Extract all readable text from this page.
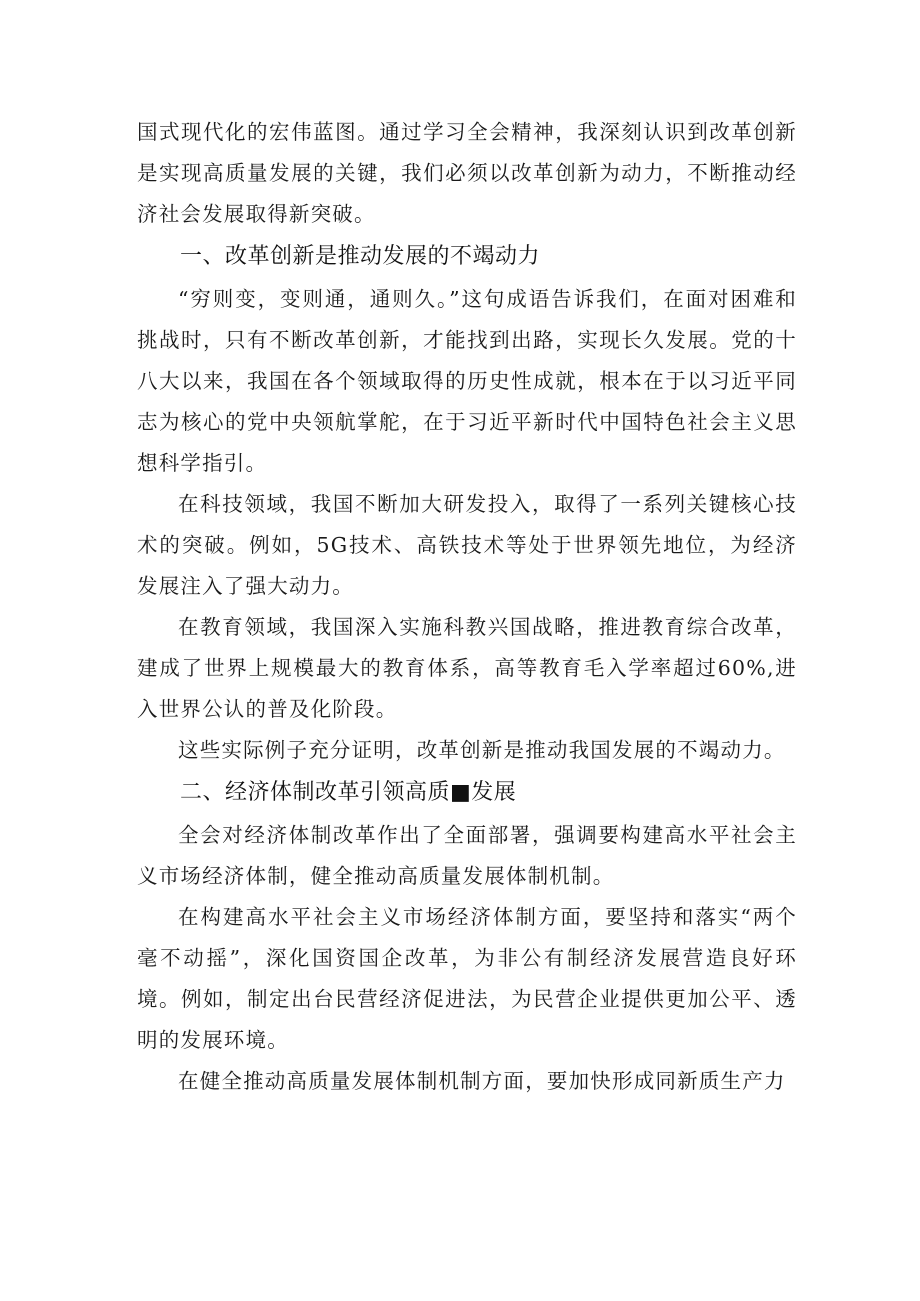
国式现代化的宏伟蓝图。通过学习全会精神，我深刻认识到改革创新是实现高质量发展的关键，我们必须以改革创新为动力，不断推动经济社会发展取得新突破。

一、改革创新是推动发展的不竭动力

“穷则变，变则通，通则久。”这句成语告诉我们，在面对困难和挑战时，只有不断改革创新，才能找到出路，实现长久发展。党的十八大以来，我国在各个领域取得的历史性成就，根本在于以习近平同志为核心的党中央领航掌舵，在于习近平新时代中国特色社会主义思想科学指引。

在科技领域，我国不断加大研发投入，取得了一系列关键核心技术的突破。例如，5G技术、高铁技术等处于世界领先地位，为经济发展注入了强大动力。

在教育领域，我国深入实施科教兴国战略，推进教育综合改革，建成了世界上规模最大的教育体系，高等教育毛入学率超过60%,进入世界公认的普及化阶段。

这些实际例子充分证明，改革创新是推动我国发展的不竭动力。

二、经济体制改革引领高质■发展

全会对经济体制改革作出了全面部署，强调要构建高水平社会主义市场经济体制，健全推动高质量发展体制机制。

在构建高水平社会主义市场经济体制方面，要坚持和落实“两个毫不动摇”，深化国资国企改革，为非公有制经济发展营造良好环境。例如，制定出台民营经济促进法，为民营企业提供更加公平、透明的发展环境。

在健全推动高质量发展体制机制方面，要加快形成同新质生产力
